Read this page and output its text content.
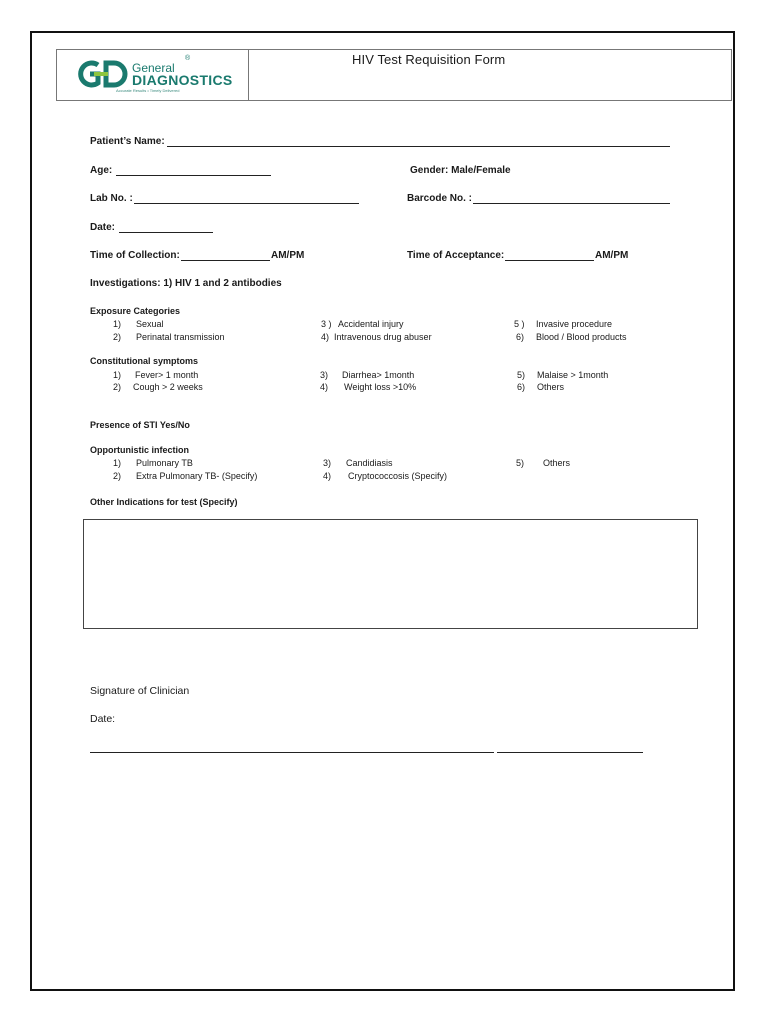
General
®
DIAGNOSTICS
Accurate Results • Timely Delivered
HIV Test Requisition Form
Patient’s Name:
Age:	Gender: Male/Female
Lab No. :	Barcode No. :
Date:
Time of Collection:	AM/PM	Time of Acceptance:	AM/PM
Investigations: 1) HIV 1 and 2 antibodies
Exposure Categories
1) Sexual
2) Perinatal transmission
3 ) Accidental injury
4) Intravenous drug abuser
5 ) Invasive procedure
6) Blood / Blood products
Constitutional symptoms
1) Fever> 1 month
2) Cough > 2 weeks
3) Diarrhea> 1month
4) Weight loss >10%
5) Malaise > 1month
6) Others
Presence of STI Yes/No
Opportunistic infection
1) Pulmonary TB
2) Extra Pulmonary TB- (Specify)
3) Candidiasis
4) Cryptococcosis (Specify)
5) Others
Other Indications for test (Specify)
Signature of Clinician
Date:
